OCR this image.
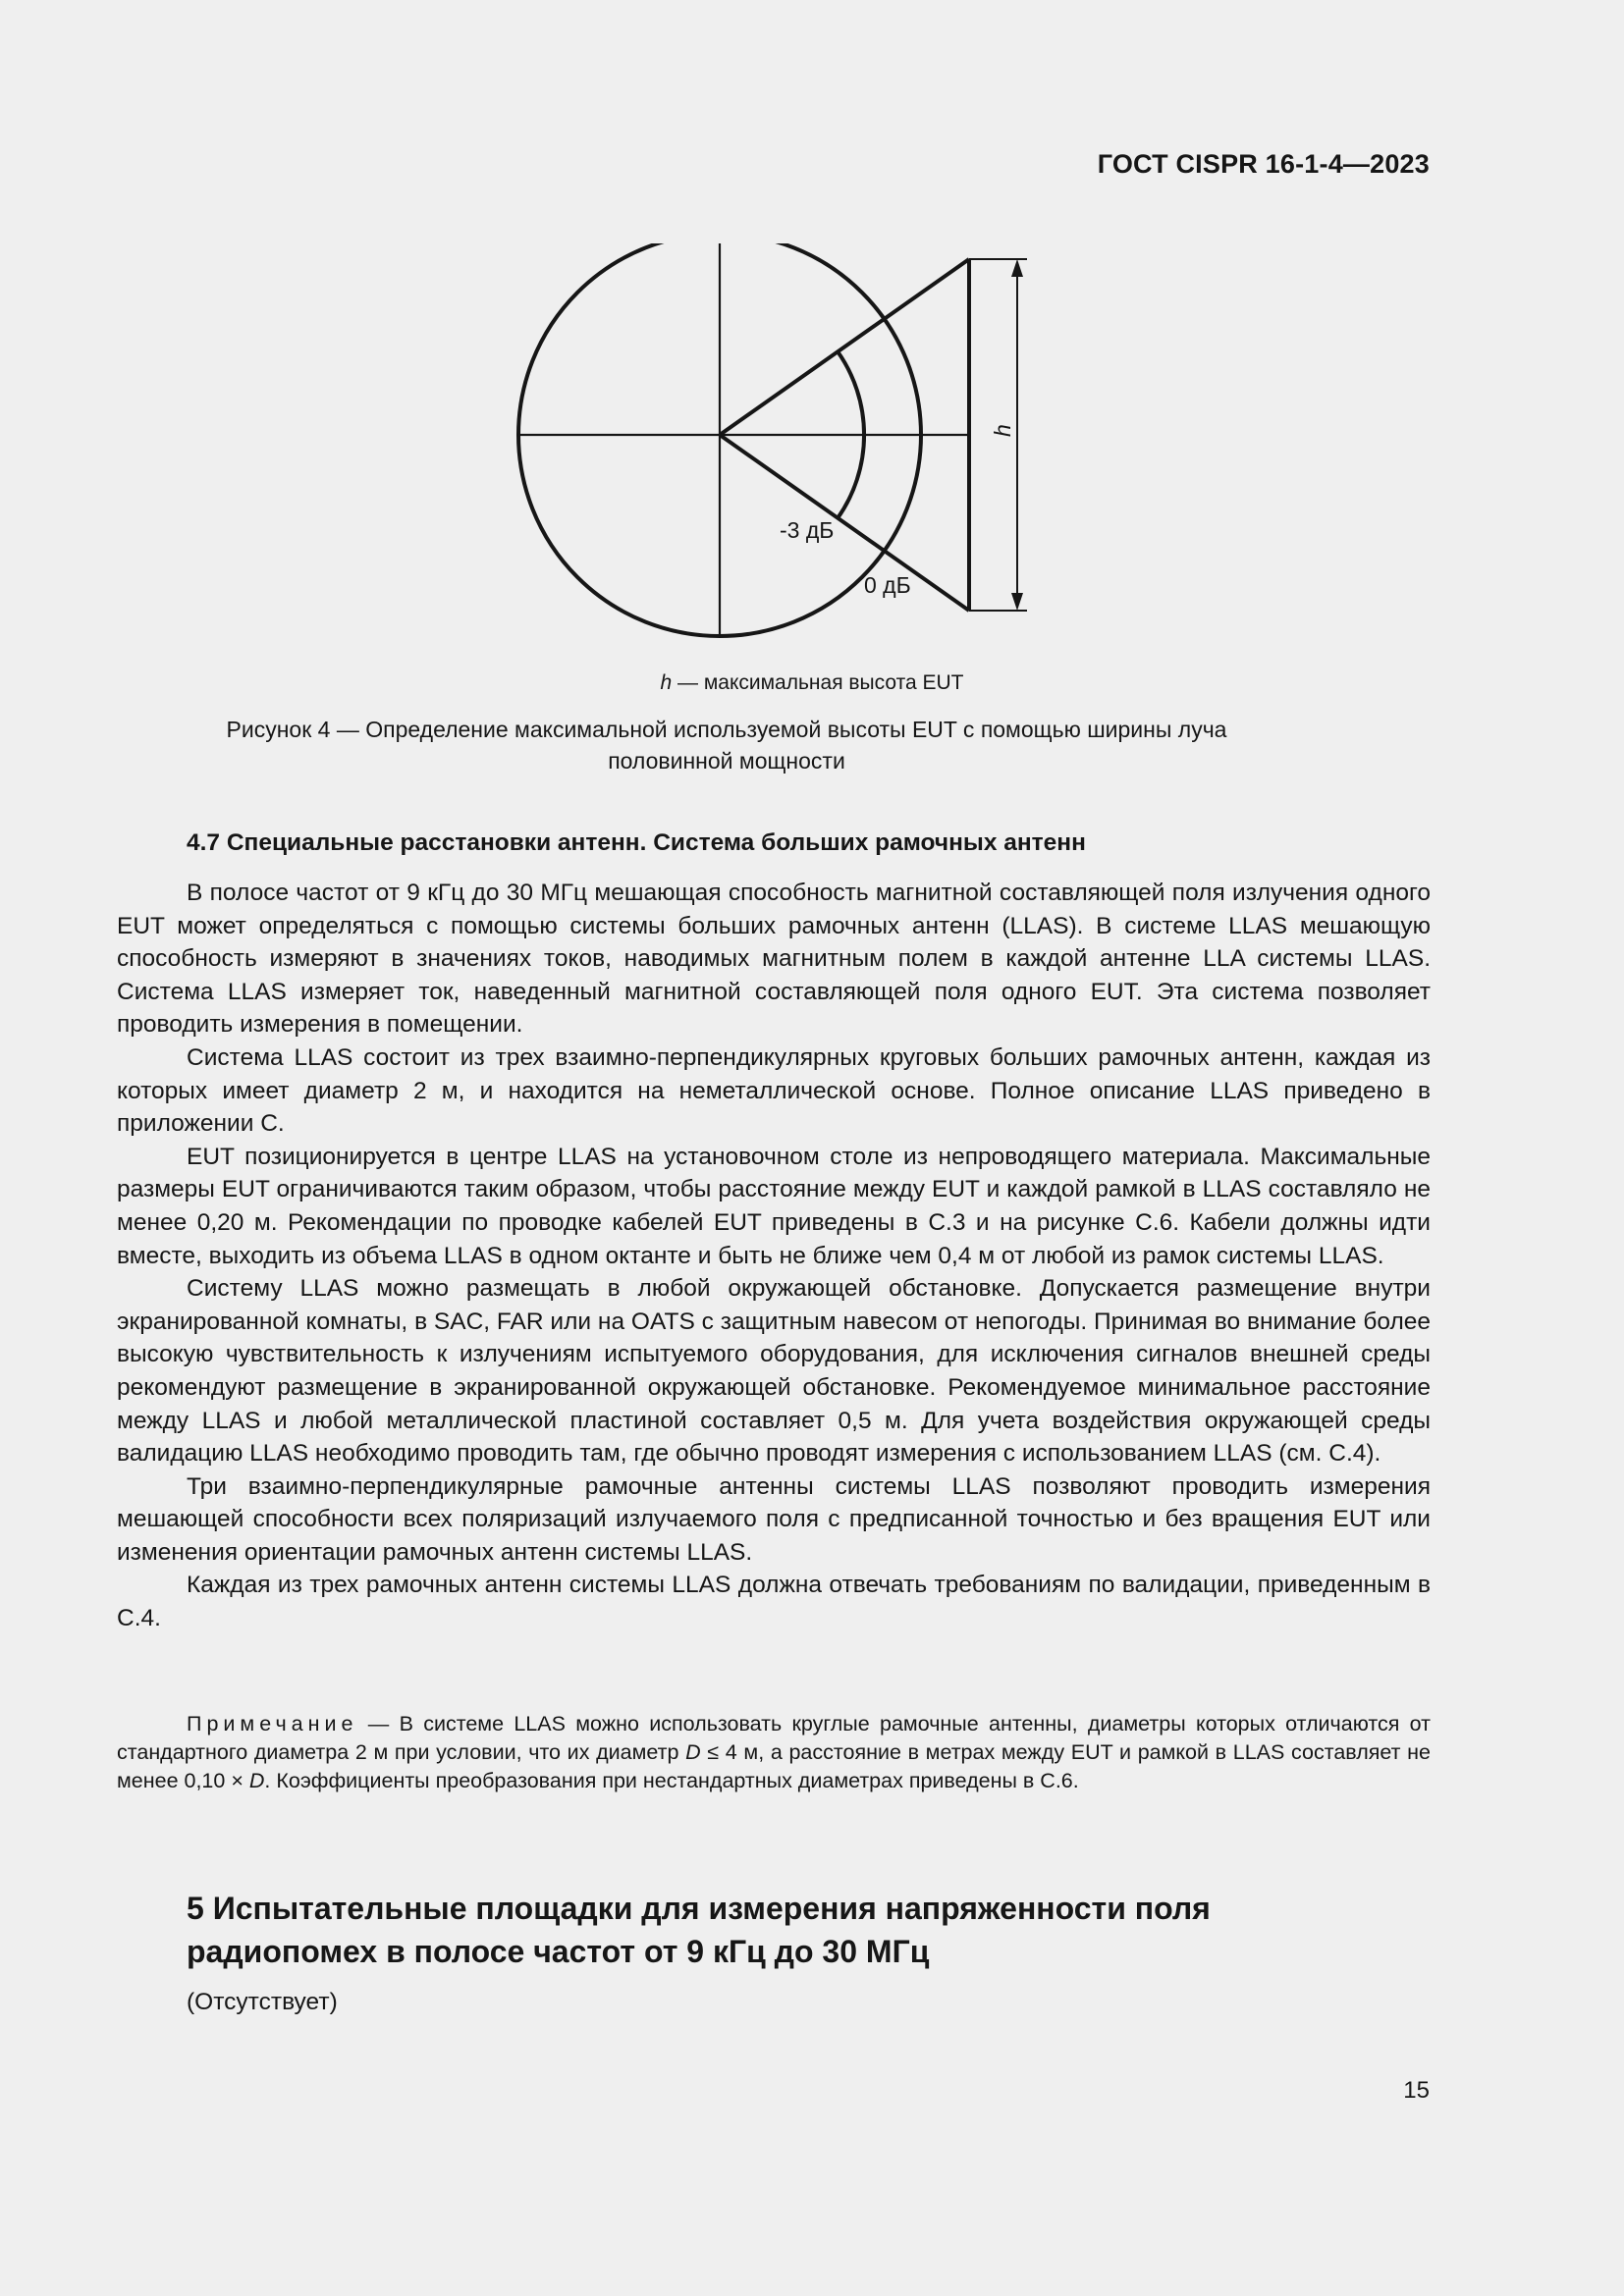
ГОСТ CISPR 16-1-4—2023
-3 дБ
0 дБ
h
h — максимальная высота EUT
Рисунок 4 — Определение максимальной используемой высоты EUT с помощью ширины луча
половинной мощности
4.7 Специальные расстановки антенн. Система больших рамочных антенн

В полосе частот от 9 кГц до 30 МГц мешающая способность магнитной составляющей поля излучения одного EUT может определяться с помощью системы больших рамочных антенн (LLAS). В системе LLAS мешающую способность измеряют в значениях токов, наводимых магнитным полем в каждой антенне LLA системы LLAS. Система LLAS измеряет ток, наведенный магнитной составляющей поля одного EUT. Эта система позволяет проводить измерения в помещении.

Система LLAS состоит из трех взаимно-перпендикулярных круговых больших рамочных антенн, каждая из которых имеет диаметр 2 м, и находится на неметаллической основе. Полное описание LLAS приведено в приложении С.

EUT позиционируется в центре LLAS на установочном столе из непроводящего материала. Максимальные размеры EUT ограничиваются таким образом, чтобы расстояние между EUT и каждой рамкой в LLAS составляло не менее 0,20 м. Рекомендации по проводке кабелей EUT приведены в С.3 и на рисунке С.6. Кабели должны идти вместе, выходить из объема LLAS в одном октанте и быть не ближе чем 0,4 м от любой из рамок системы LLAS.

Систему LLAS можно размещать в любой окружающей обстановке. Допускается размещение внутри экранированной комнаты, в SAC, FAR или на OATS с защитным навесом от непогоды. Принимая во внимание более высокую чувствительность к излучениям испытуемого оборудования, для исключения сигналов внешней среды рекомендуют размещение в экранированной окружающей обстановке. Рекомендуемое минимальное расстояние между LLAS и любой металлической пластиной составляет 0,5 м. Для учета воздействия окружающей среды валидацию LLAS необходимо проводить там, где обычно проводят измерения с использованием LLAS (см. С.4).

Три взаимно-перпендикулярные рамочные антенны системы LLAS позволяют проводить измерения мешающей способности всех поляризаций излучаемого поля с предписанной точностью и без вращения EUT или изменения ориентации рамочных антенн системы LLAS.

Каждая из трех рамочных антенн системы LLAS должна отвечать требованиям по валидации, приведенным в С.4.

Примечание — В системе LLAS можно использовать круглые рамочные антенны, диаметры которых отличаются от стандартного диаметра 2 м при условии, что их диаметр D ≤ 4 м, а расстояние в метрах между EUT и рамкой в LLAS составляет не менее 0,10 × D. Коэффициенты преобразования при нестандартных диаметрах приведены в С.6.
5 Испытательные площадки для измерения напряженности поля
радиопомех в полосе частот от 9 кГц до 30 МГц
(Отсутствует)
15
